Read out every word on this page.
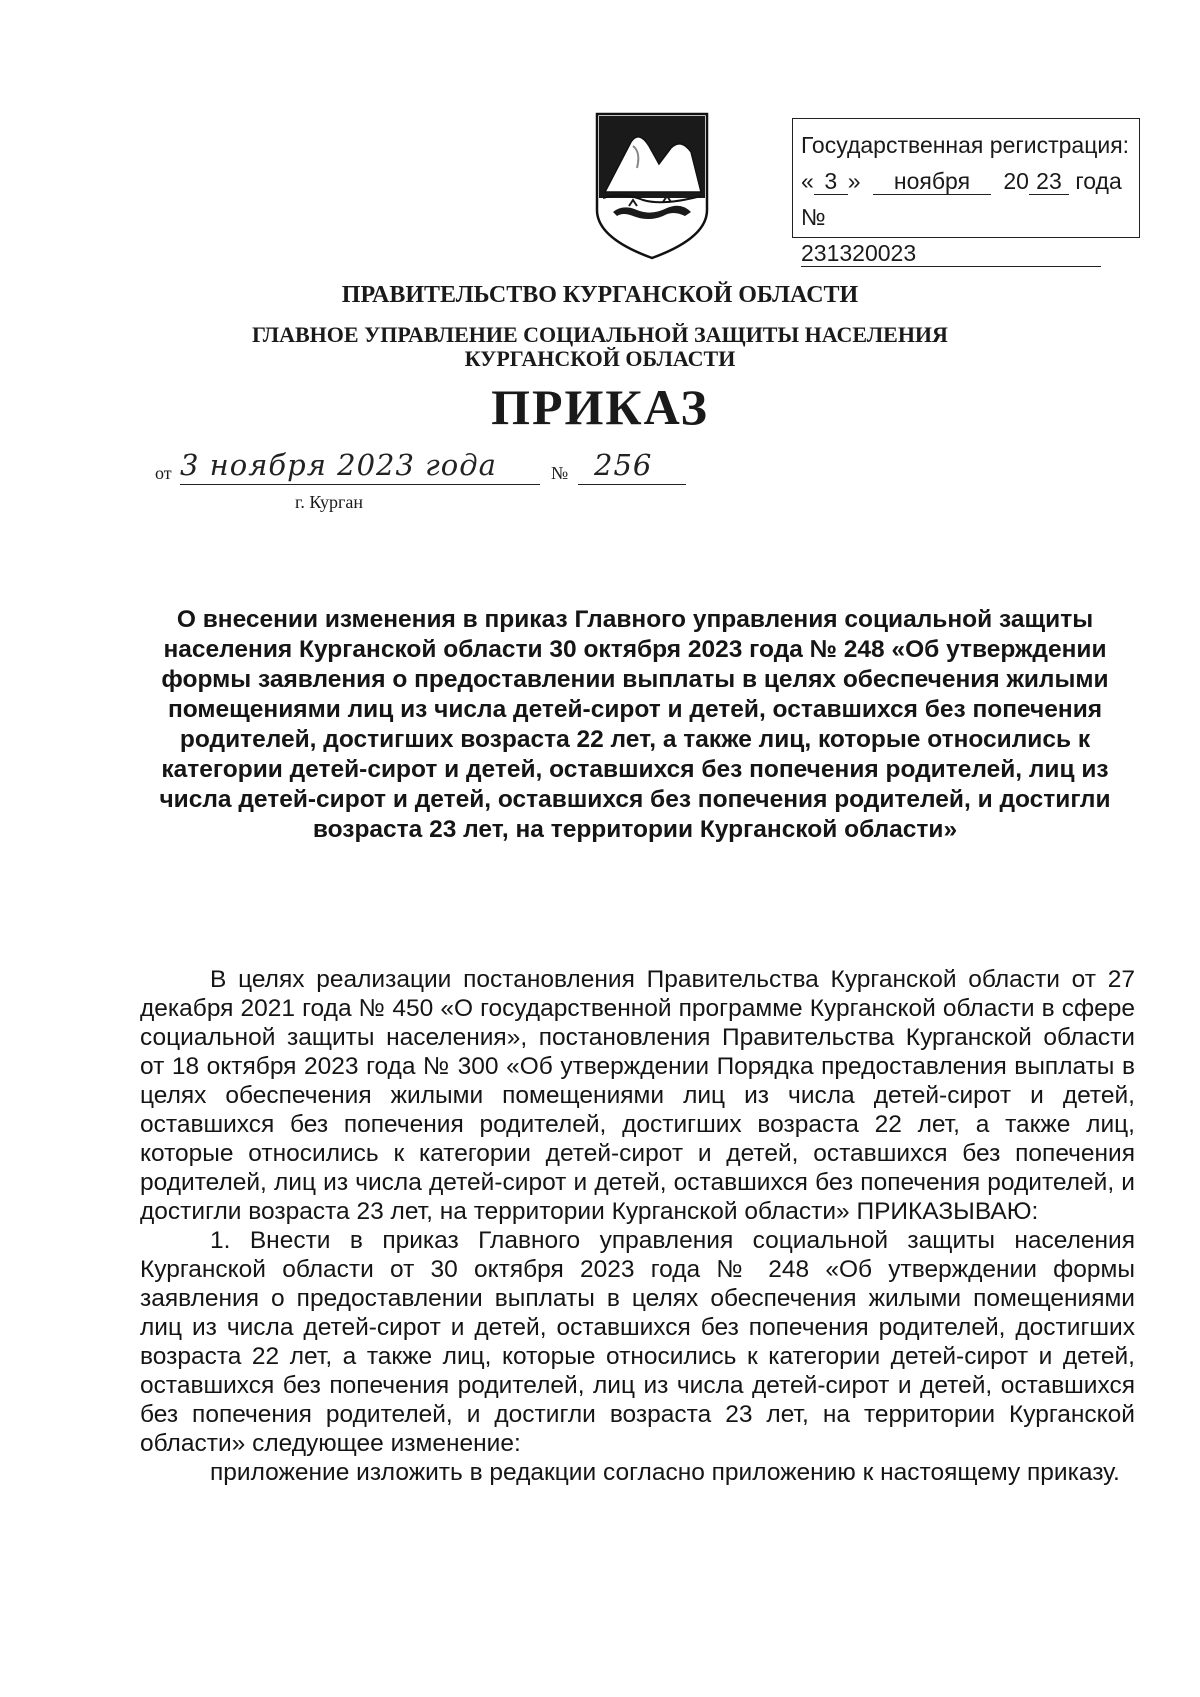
Государственная регистрация:
« 3 » ноября 20 23 года
№ 231320023
ПРАВИТЕЛЬСТВО КУРГАНСКОЙ ОБЛАСТИ
ГЛАВНОЕ УПРАВЛЕНИЕ СОЦИАЛЬНОЙ ЗАЩИТЫ НАСЕЛЕНИЯ
КУРГАНСКОЙ ОБЛАСТИ
ПРИКАЗ
от 3 ноября 2023 года	№ 256
г. Курган
О внесении изменения в приказ Главного управления социальной защиты населения Курганской области 30 октября 2023 года № 248 «Об утверждении формы заявления о предоставлении выплаты в целях обеспечения жилыми помещениями лиц из числа детей-сирот и детей, оставшихся без попечения родителей, достигших возраста 22 лет, а также лиц, которые относились к категории детей-сирот и детей, оставшихся без попечения родителей, лиц из числа детей-сирот и детей, оставшихся без попечения родителей, и достигли возраста 23 лет, на территории Курганской области»

В целях реализации постановления Правительства Курганской области от 27 декабря 2021 года № 450 «О государственной программе Курганской области в сфере социальной защиты населения», постановления Правительства Курганской области от 18 октября 2023 года № 300 «Об утверждении Порядка предоставления выплаты в целях обеспечения жилыми помещениями лиц из числа детей-сирот и детей, оставшихся без попечения родителей, достигших возраста 22 лет, а также лиц, которые относились к категории детей-сирот и детей, оставшихся без попечения родителей, лиц из числа детей-сирот и детей, оставшихся без попечения родителей, и достигли возраста 23 лет, на территории Курганской области» ПРИКАЗЫВАЮ:

1. Внести в приказ Главного управления социальной защиты населения Курганской области от 30 октября 2023 года № 248 «Об утверждении формы заявления о предоставлении выплаты в целях обеспечения жилыми помещениями лиц из числа детей-сирот и детей, оставшихся без попечения родителей, достигших возраста 22 лет, а также лиц, которые относились к категории детей-сирот и детей, оставшихся без попечения родителей, лиц из числа детей-сирот и детей, оставшихся без попечения родителей, и достигли возраста 23 лет, на территории Курганской области» следующее изменение:

приложение изложить в редакции согласно приложению к настоящему приказу.
